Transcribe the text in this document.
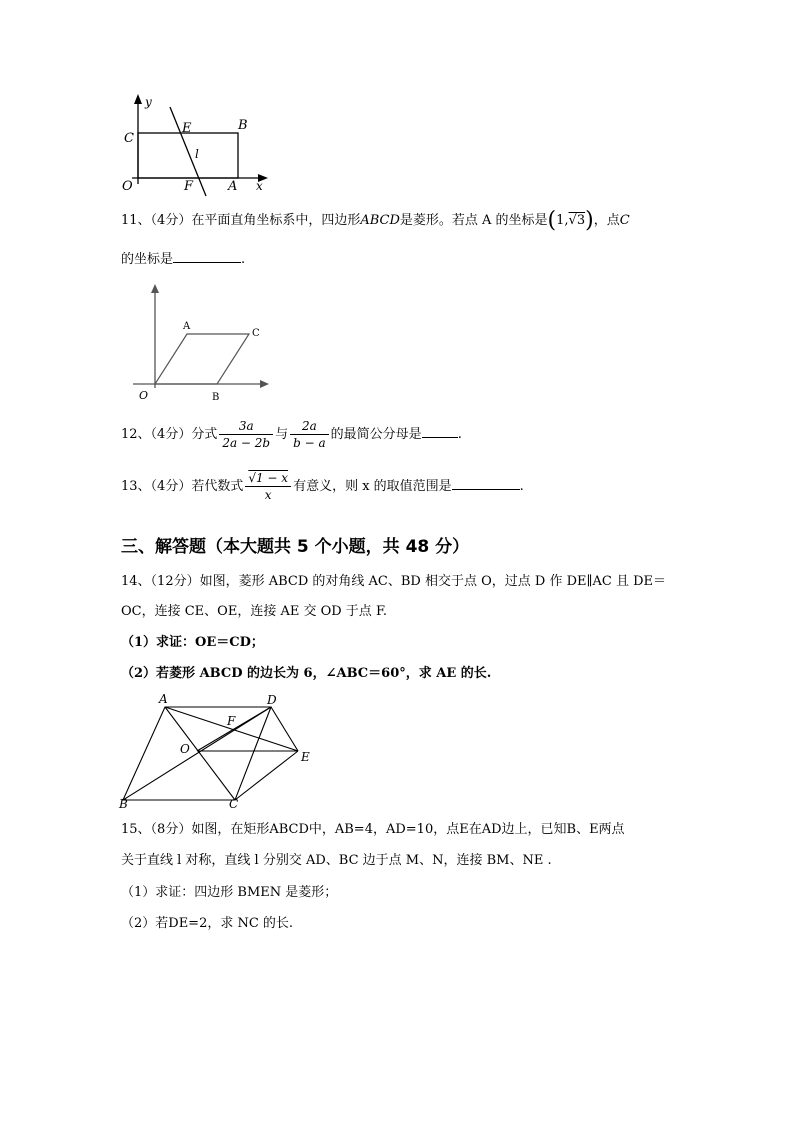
y
C
E	B
l
O	F	A x
11、（4分）在平面直角坐标系中，四边形ABCD是菱形。若点 A 的坐标是(1,√3)，点C
的坐标是	.
A
C
O	B
12、（4分）分式 $\frac{3a}{2a - 2b}$ 与 $\frac{2a}{b - a}$ 的最简公分母是	.
13、（4分）若代数式 $\frac{√1 - x}{x}$ 有意义，则 x 的取值范围是	.
三、解答题（本大题共 5 个小题，共 48 分）
14、（12分）如图，菱形 ABCD 的对角线 AC、BD 相交于点 O，过点 D 作 DE∥AC 且 DE＝
OC，连接 CE、OE，连接 AE 交 OD 于点 F.
（1）求证：OE＝CD；
（2）若菱形 ABCD 的边长为 6，∠ABC＝60°，求 AE 的长.
A	D
F
O
E
B	C
15、（8分）如图，在矩形ABCD中，AB=4，AD=10，点E在AD边上，已知B、E两点
关于直线 l 对称，直线 l 分别交 AD、BC 边于点 M、N，连接 BM、NE .
（1）求证：四边形 BMEN 是菱形；
（2）若DE=2，求 NC 的长.
